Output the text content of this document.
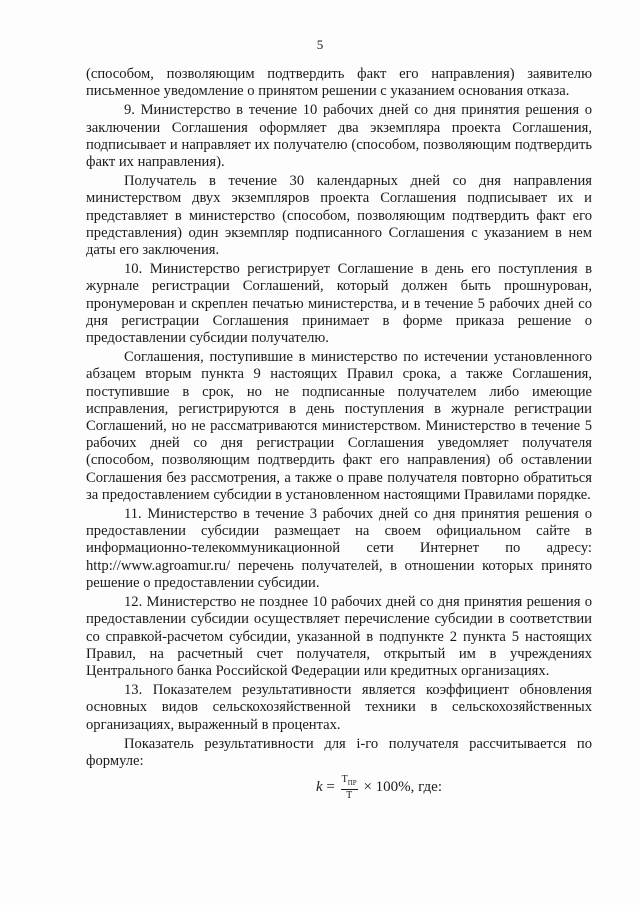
5

(способом, позволяющим подтвердить факт его направления) заявителю письменное уведомление о принятом решении с указанием основания отказа.

9. Министерство в течение 10 рабочих дней со дня принятия решения о заключении Соглашения оформляет два экземпляра проекта Соглашения, подписывает и направляет их получателю (способом, позволяющим подтвердить факт их направления).

Получатель в течение 30 календарных дней со дня направления министерством двух экземпляров проекта Соглашения подписывает их и представляет в министерство (способом, позволяющим подтвердить факт его представления) один экземпляр подписанного Соглашения с указанием в нем даты его заключения.

10. Министерство регистрирует Соглашение в день его поступления в журнале регистрации Соглашений, который должен быть прошнурован, пронумерован и скреплен печатью министерства, и в течение 5 рабочих дней со дня регистрации Соглашения принимает в форме приказа решение о предоставлении субсидии получателю.

Соглашения, поступившие в министерство по истечении установленного абзацем вторым пункта 9 настоящих Правил срока, а также Соглашения, поступившие в срок, но не подписанные получателем либо имеющие исправления, регистрируются в день поступления в журнале регистрации Соглашений, но не рассматриваются министерством. Министерство в течение 5 рабочих дней со дня регистрации Соглашения уведомляет получателя (способом, позволяющим подтвердить факт его направления) об оставлении Соглашения без рассмотрения, а также о праве получателя повторно обратиться за предоставлением субсидии в установленном настоящими Правилами порядке.

11. Министерство в течение 3 рабочих дней со дня принятия решения о предоставлении субсидии размещает на своем официальном сайте в информационно-телекоммуникационной сети Интернет по адресу: http://www.agroamur.ru/ перечень получателей, в отношении которых принято решение о предоставлении субсидии.

12. Министерство не позднее 10 рабочих дней со дня принятия решения о предоставлении субсидии осуществляет перечисление субсидии в соответствии со справкой-расчетом субсидии, указанной в подпункте 2 пункта 5 настоящих Правил, на расчетный счет получателя, открытый им в учреждениях Центрального банка Российской Федерации или кредитных организациях.

13. Показателем результативности является коэффициент обновления основных видов сельскохозяйственной техники в сельскохозяйственных организациях, выраженный в процентах.

Показатель результативности для i-го получателя рассчитывается по формуле:

$k = \frac{Т_{ПР}}{Т} \times 100\%$, где:
